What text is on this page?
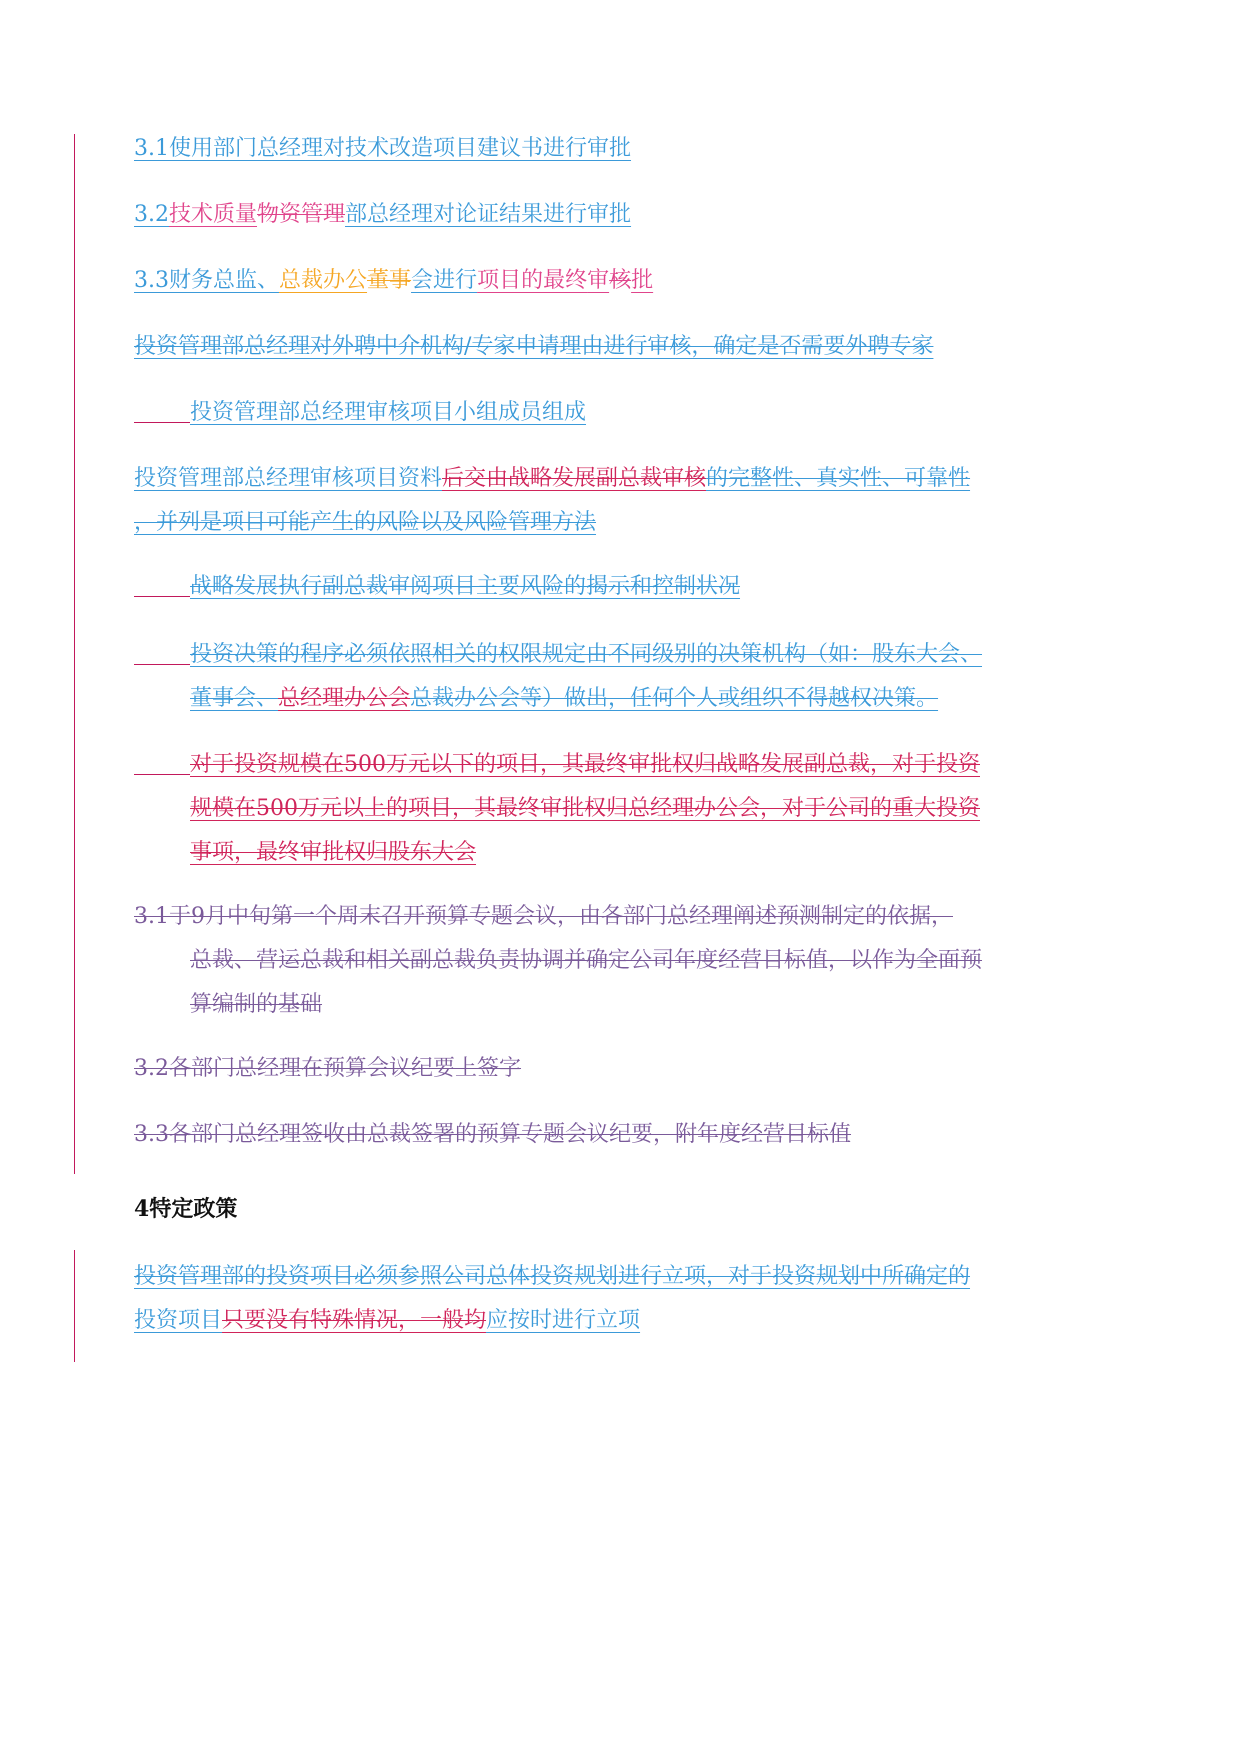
3.1使用部门总经理对技术改造项目建议书进行审批
3.2技术质量物资管理部总经理对论证结果进行审批
3.3财务总监、总裁办公董事会进行项目的最终审核批
投资管理部总经理对外聘中介机构/专家申请理由进行审核，确定是否需要外聘专家
投资管理部总经理审核项目小组成员组成
投资管理部总经理审核项目资料后交由战略发展副总裁审核的完整性、真实性、可靠性
，并列是项目可能产生的风险以及风险管理方法
战略发展执行副总裁审阅项目主要风险的揭示和控制状况
投资决策的程序必须依照相关的权限规定由不同级别的决策机构（如：股东大会、
董事会、总经理办公会总裁办公会等）做出，任何个人或组织不得越权决策。
对于投资规模在500万元以下的项目，其最终审批权归战略发展副总裁，对于投资
规模在500万元以上的项目，其最终审批权归总经理办公会，对于公司的重大投资
事项，最终审批权归股东大会
3.1于9月中旬第一个周末召开预算专题会议，由各部门总经理阐述预测制定的依据，
总裁、营运总裁和相关副总裁负责协调并确定公司年度经营目标值，以作为全面预
算编制的基础
3.2各部门总经理在预算会议纪要上签字
3.3各部门总经理签收由总裁签署的预算专题会议纪要，附年度经营目标值
4特定政策
投资管理部的投资项目必须参照公司总体投资规划进行立项，对于投资规划中所确定的
投资项目只要没有特殊情况，一般均应按时进行立项
